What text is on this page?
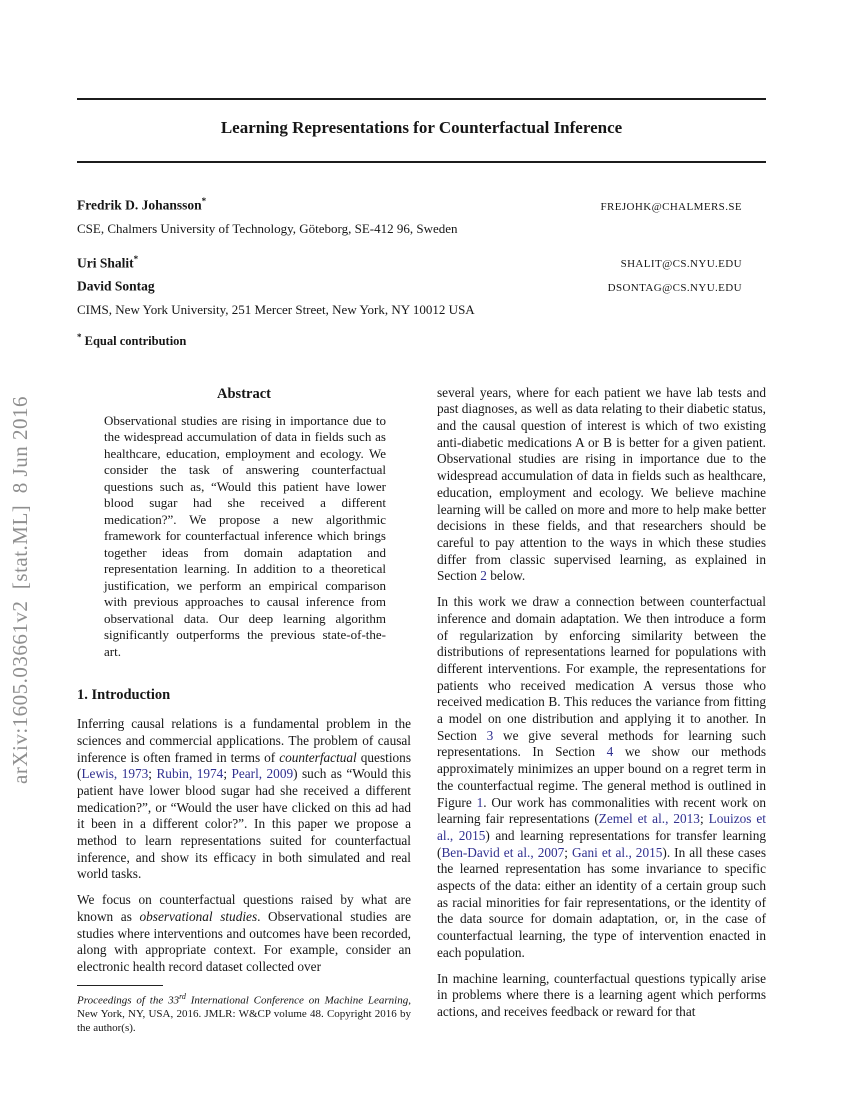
arXiv:1605.03661v2  [stat.ML]  8 Jun 2016
Learning Representations for Counterfactual Inference
Fredrik D. Johansson*	FREJOHK@CHALMERS.SE
CSE, Chalmers University of Technology, Göteborg, SE-412 96, Sweden
Uri Shalit*	SHALIT@CS.NYU.EDU
David Sontag	DSONTAG@CS.NYU.EDU
CIMS, New York University, 251 Mercer Street, New York, NY 10012 USA
* Equal contribution
Abstract
Observational studies are rising in importance due to the widespread accumulation of data in fields such as healthcare, education, employment and ecology. We consider the task of answering counterfactual questions such as, “Would this patient have lower blood sugar had she received a different medication?”. We propose a new algorithmic framework for counterfactual inference which brings together ideas from domain adaptation and representation learning. In addition to a theoretical justification, we perform an empirical comparison with previous approaches to causal inference from observational data. Our deep learning algorithm significantly outperforms the previous state-of-the-art.
1. Introduction

Inferring causal relations is a fundamental problem in the sciences and commercial applications. The problem of causal inference is often framed in terms of counterfactual questions (Lewis, 1973; Rubin, 1974; Pearl, 2009) such as “Would this patient have lower blood sugar had she received a different medication?”, or “Would the user have clicked on this ad had it been in a different color?”. In this paper we propose a method to learn representations suited for counterfactual inference, and show its efficacy in both simulated and real world tasks.

We focus on counterfactual questions raised by what are known as observational studies. Observational studies are studies where interventions and outcomes have been recorded, along with appropriate context. For example, consider an electronic health record dataset collected over

Proceedings of the 33rd International Conference on Machine Learning, New York, NY, USA, 2016. JMLR: W&CP volume 48. Copyright 2016 by the author(s).

several years, where for each patient we have lab tests and past diagnoses, as well as data relating to their diabetic status, and the causal question of interest is which of two existing anti-diabetic medications A or B is better for a given patient. Observational studies are rising in importance due to the widespread accumulation of data in fields such as healthcare, education, employment and ecology. We believe machine learning will be called on more and more to help make better decisions in these fields, and that researchers should be careful to pay attention to the ways in which these studies differ from classic supervised learning, as explained in Section 2 below.

In this work we draw a connection between counterfactual inference and domain adaptation. We then introduce a form of regularization by enforcing similarity between the distributions of representations learned for populations with different interventions. For example, the representations for patients who received medication A versus those who received medication B. This reduces the variance from fitting a model on one distribution and applying it to another. In Section 3 we give several methods for learning such representations. In Section 4 we show our methods approximately minimizes an upper bound on a regret term in the counterfactual regime. The general method is outlined in Figure 1. Our work has commonalities with recent work on learning fair representations (Zemel et al., 2013; Louizos et al., 2015) and learning representations for transfer learning (Ben-David et al., 2007; Gani et al., 2015). In all these cases the learned representation has some invariance to specific aspects of the data: either an identity of a certain group such as racial minorities for fair representations, or the identity of the data source for domain adaptation, or, in the case of counterfactual learning, the type of intervention enacted in each population.

In machine learning, counterfactual questions typically arise in problems where there is a learning agent which performs actions, and receives feedback or reward for that
